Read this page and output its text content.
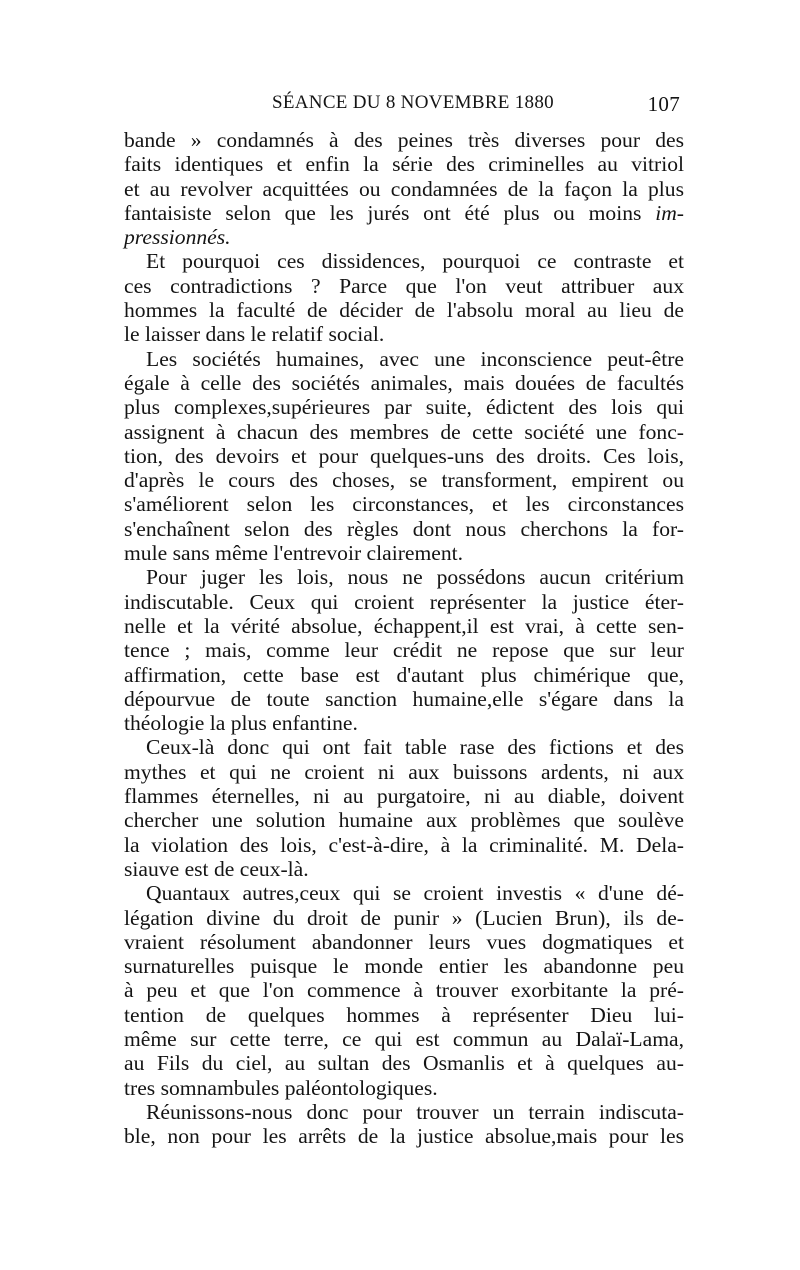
SÉANCE DU 8 NOVEMBRE 1880	107

bande » condamnés à des peines très diverses pour des
faits identiques et enfin la série des criminelles au vitriol
et au revolver acquittées ou condamnées de la façon la plus
fantaisiste selon que les jurés ont été plus ou moins im-
pressionnés.

Et pourquoi ces dissidences, pourquoi ce contraste et
ces contradictions ? Parce que l'on veut attribuer aux
hommes la faculté de décider de l'absolu moral au lieu de
le laisser dans le relatif social.

Les sociétés humaines, avec une inconscience peut-être
égale à celle des sociétés animales, mais douées de facultés
plus complexes,supérieures par suite, édictent des lois qui
assignent à chacun des membres de cette société une fonc-
tion, des devoirs et pour quelques-uns des droits. Ces lois,
d'après le cours des choses, se transforment, empirent ou
s'améliorent selon les circonstances, et les circonstances
s'enchaînent selon des règles dont nous cherchons la for-
mule sans même l'entrevoir clairement.

Pour juger les lois, nous ne possédons aucun critérium
indiscutable. Ceux qui croient représenter la justice éter-
nelle et la vérité absolue, échappent,il est vrai, à cette sen-
tence ; mais, comme leur crédit ne repose que sur leur
affirmation, cette base est d'autant plus chimérique que,
dépourvue de toute sanction humaine,elle s'égare dans la
théologie la plus enfantine.

Ceux-là donc qui ont fait table rase des fictions et des
mythes et qui ne croient ni aux buissons ardents, ni aux
flammes éternelles, ni au purgatoire, ni au diable, doivent
chercher une solution humaine aux problèmes que soulève
la violation des lois, c'est-à-dire, à la criminalité. M. Dela-
siauve est de ceux-là.

Quantaux autres,ceux qui se croient investis « d'une dé-
légation divine du droit de punir » (Lucien Brun), ils de-
vraient résolument abandonner leurs vues dogmatiques et
surnaturelles puisque le monde entier les abandonne peu
à peu et que l'on commence à trouver exorbitante la pré-
tention de quelques hommes à représenter Dieu lui-
même sur cette terre, ce qui est commun au Dalaï-Lama,
au Fils du ciel, au sultan des Osmanlis et à quelques au-
tres somnambules paléontologiques.

Réunissons-nous donc pour trouver un terrain indiscuta-
ble, non pour les arrêts de la justice absolue,mais pour les
